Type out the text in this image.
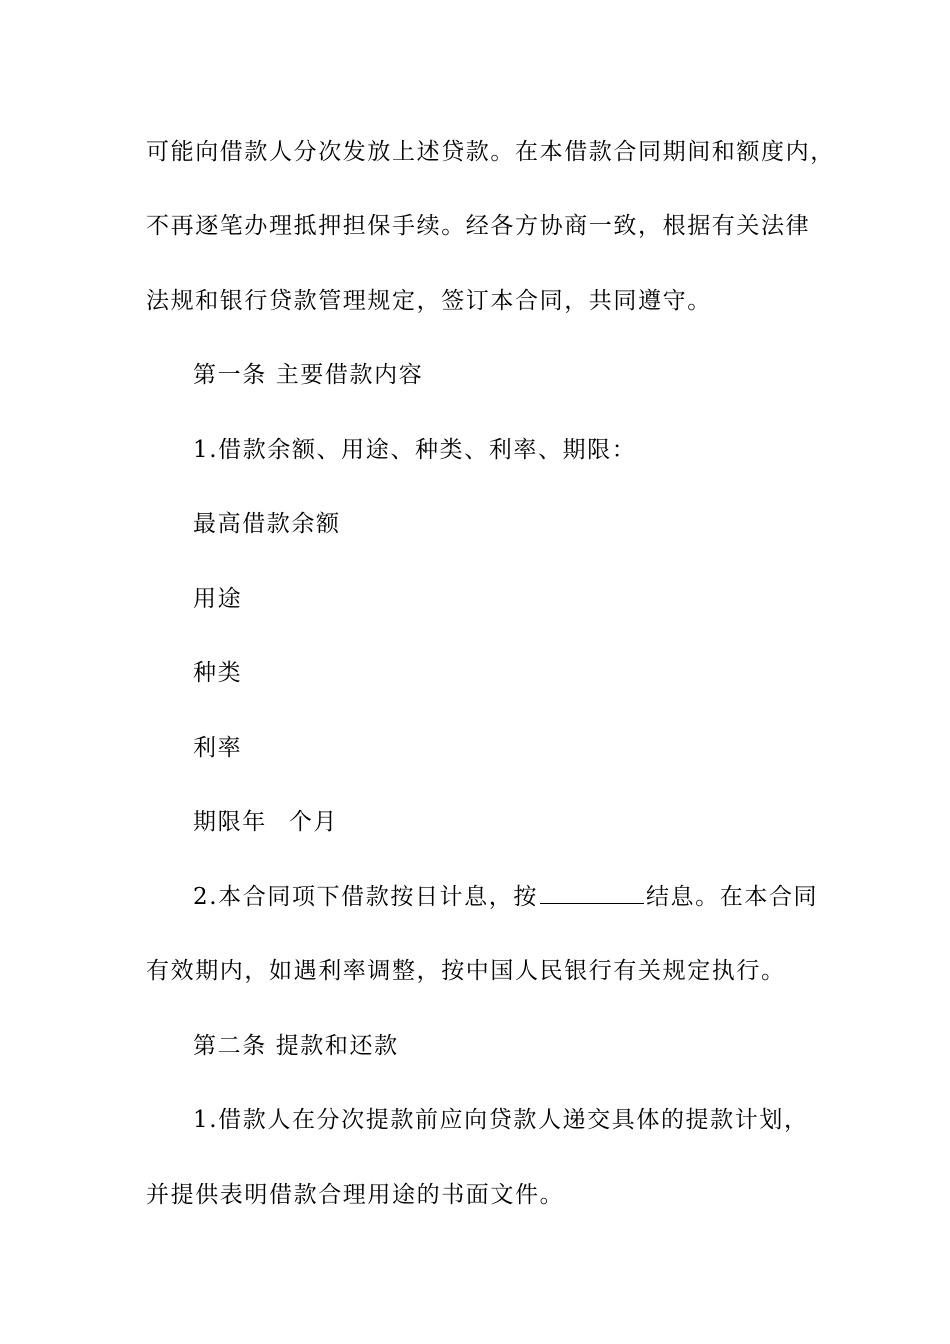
可能向借款人分次发放上述贷款。在本借款合同期间和额度内，
不再逐笔办理抵押担保手续。经各方协商一致，根据有关法律
法规和银行贷款管理规定，签订本合同，共同遵守。
第一条 主要借款内容
1.借款余额、用途、种类、利率、期限：
最高借款余额
用途
种类
利率
期限年 个月
2.本合同项下借款按日计息，按	结息。在本合同
有效期内，如遇利率调整，按中国人民银行有关规定执行。
第二条 提款和还款
1.借款人在分次提款前应向贷款人递交具体的提款计划，
并提供表明借款合理用途的书面文件。
